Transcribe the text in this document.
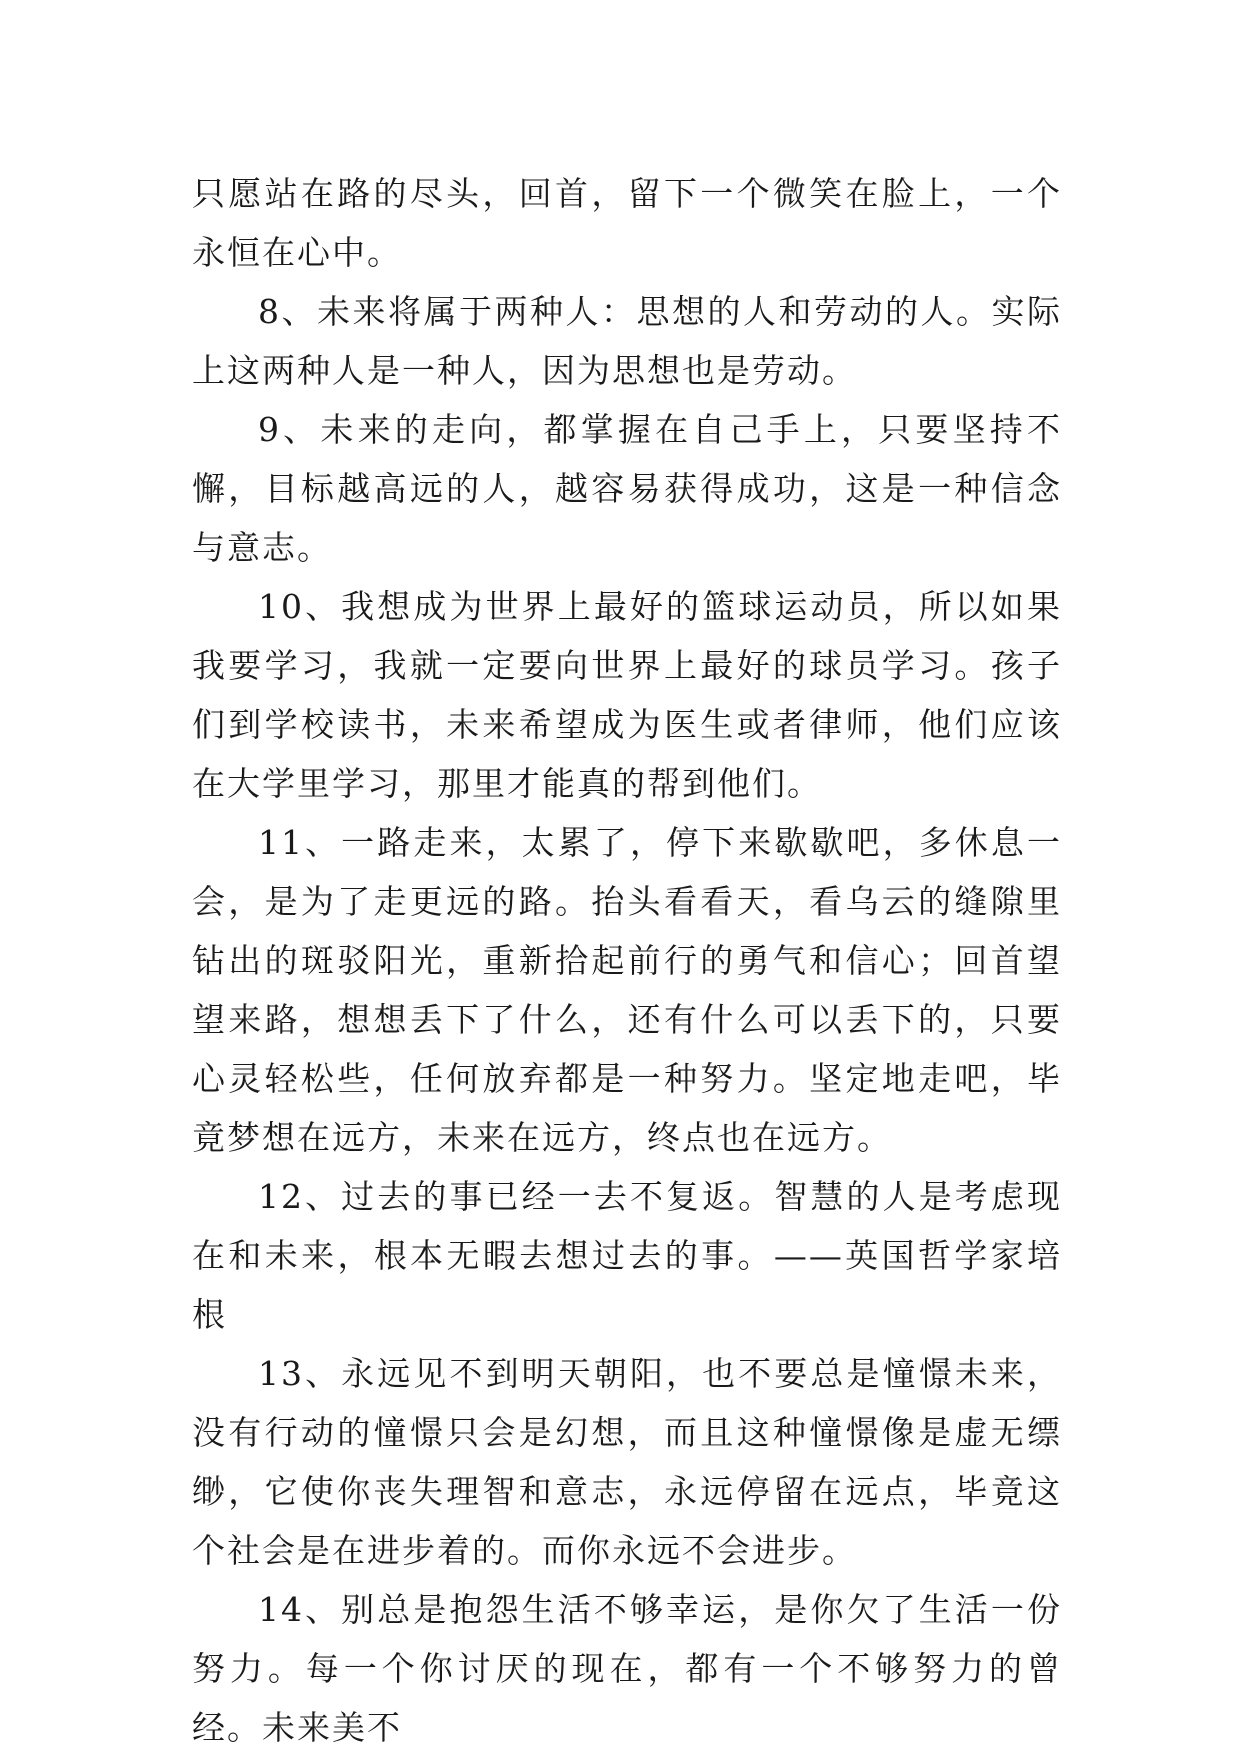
只愿站在路的尽头，回首，留下一个微笑在脸上，一个永恒在心中。

8、未来将属于两种人：思想的人和劳动的人。实际上这两种人是一种人，因为思想也是劳动。

9、未来的走向，都掌握在自己手上，只要坚持不懈，目标越高远的人，越容易获得成功，这是一种信念与意志。

10、我想成为世界上最好的篮球运动员，所以如果我要学习，我就一定要向世界上最好的球员学习。孩子们到学校读书，未来希望成为医生或者律师，他们应该在大学里学习，那里才能真的帮到他们。

11、一路走来，太累了，停下来歇歇吧，多休息一会，是为了走更远的路。抬头看看天，看乌云的缝隙里钻出的斑驳阳光，重新拾起前行的勇气和信心；回首望望来路，想想丢下了什么，还有什么可以丢下的，只要心灵轻松些，任何放弃都是一种努力。坚定地走吧，毕竟梦想在远方，未来在远方，终点也在远方。

12、过去的事已经一去不复返。智慧的人是考虑现在和未来，根本无暇去想过去的事。——英国哲学家培根

13、永远见不到明天朝阳，也不要总是憧憬未来，没有行动的憧憬只会是幻想，而且这种憧憬像是虚无缥缈，它使你丧失理智和意志，永远停留在远点，毕竟这个社会是在进步着的。而你永远不会进步。

14、别总是抱怨生活不够幸运，是你欠了生活一份努力。每一个你讨厌的现在，都有一个不够努力的曾经。未来美不
